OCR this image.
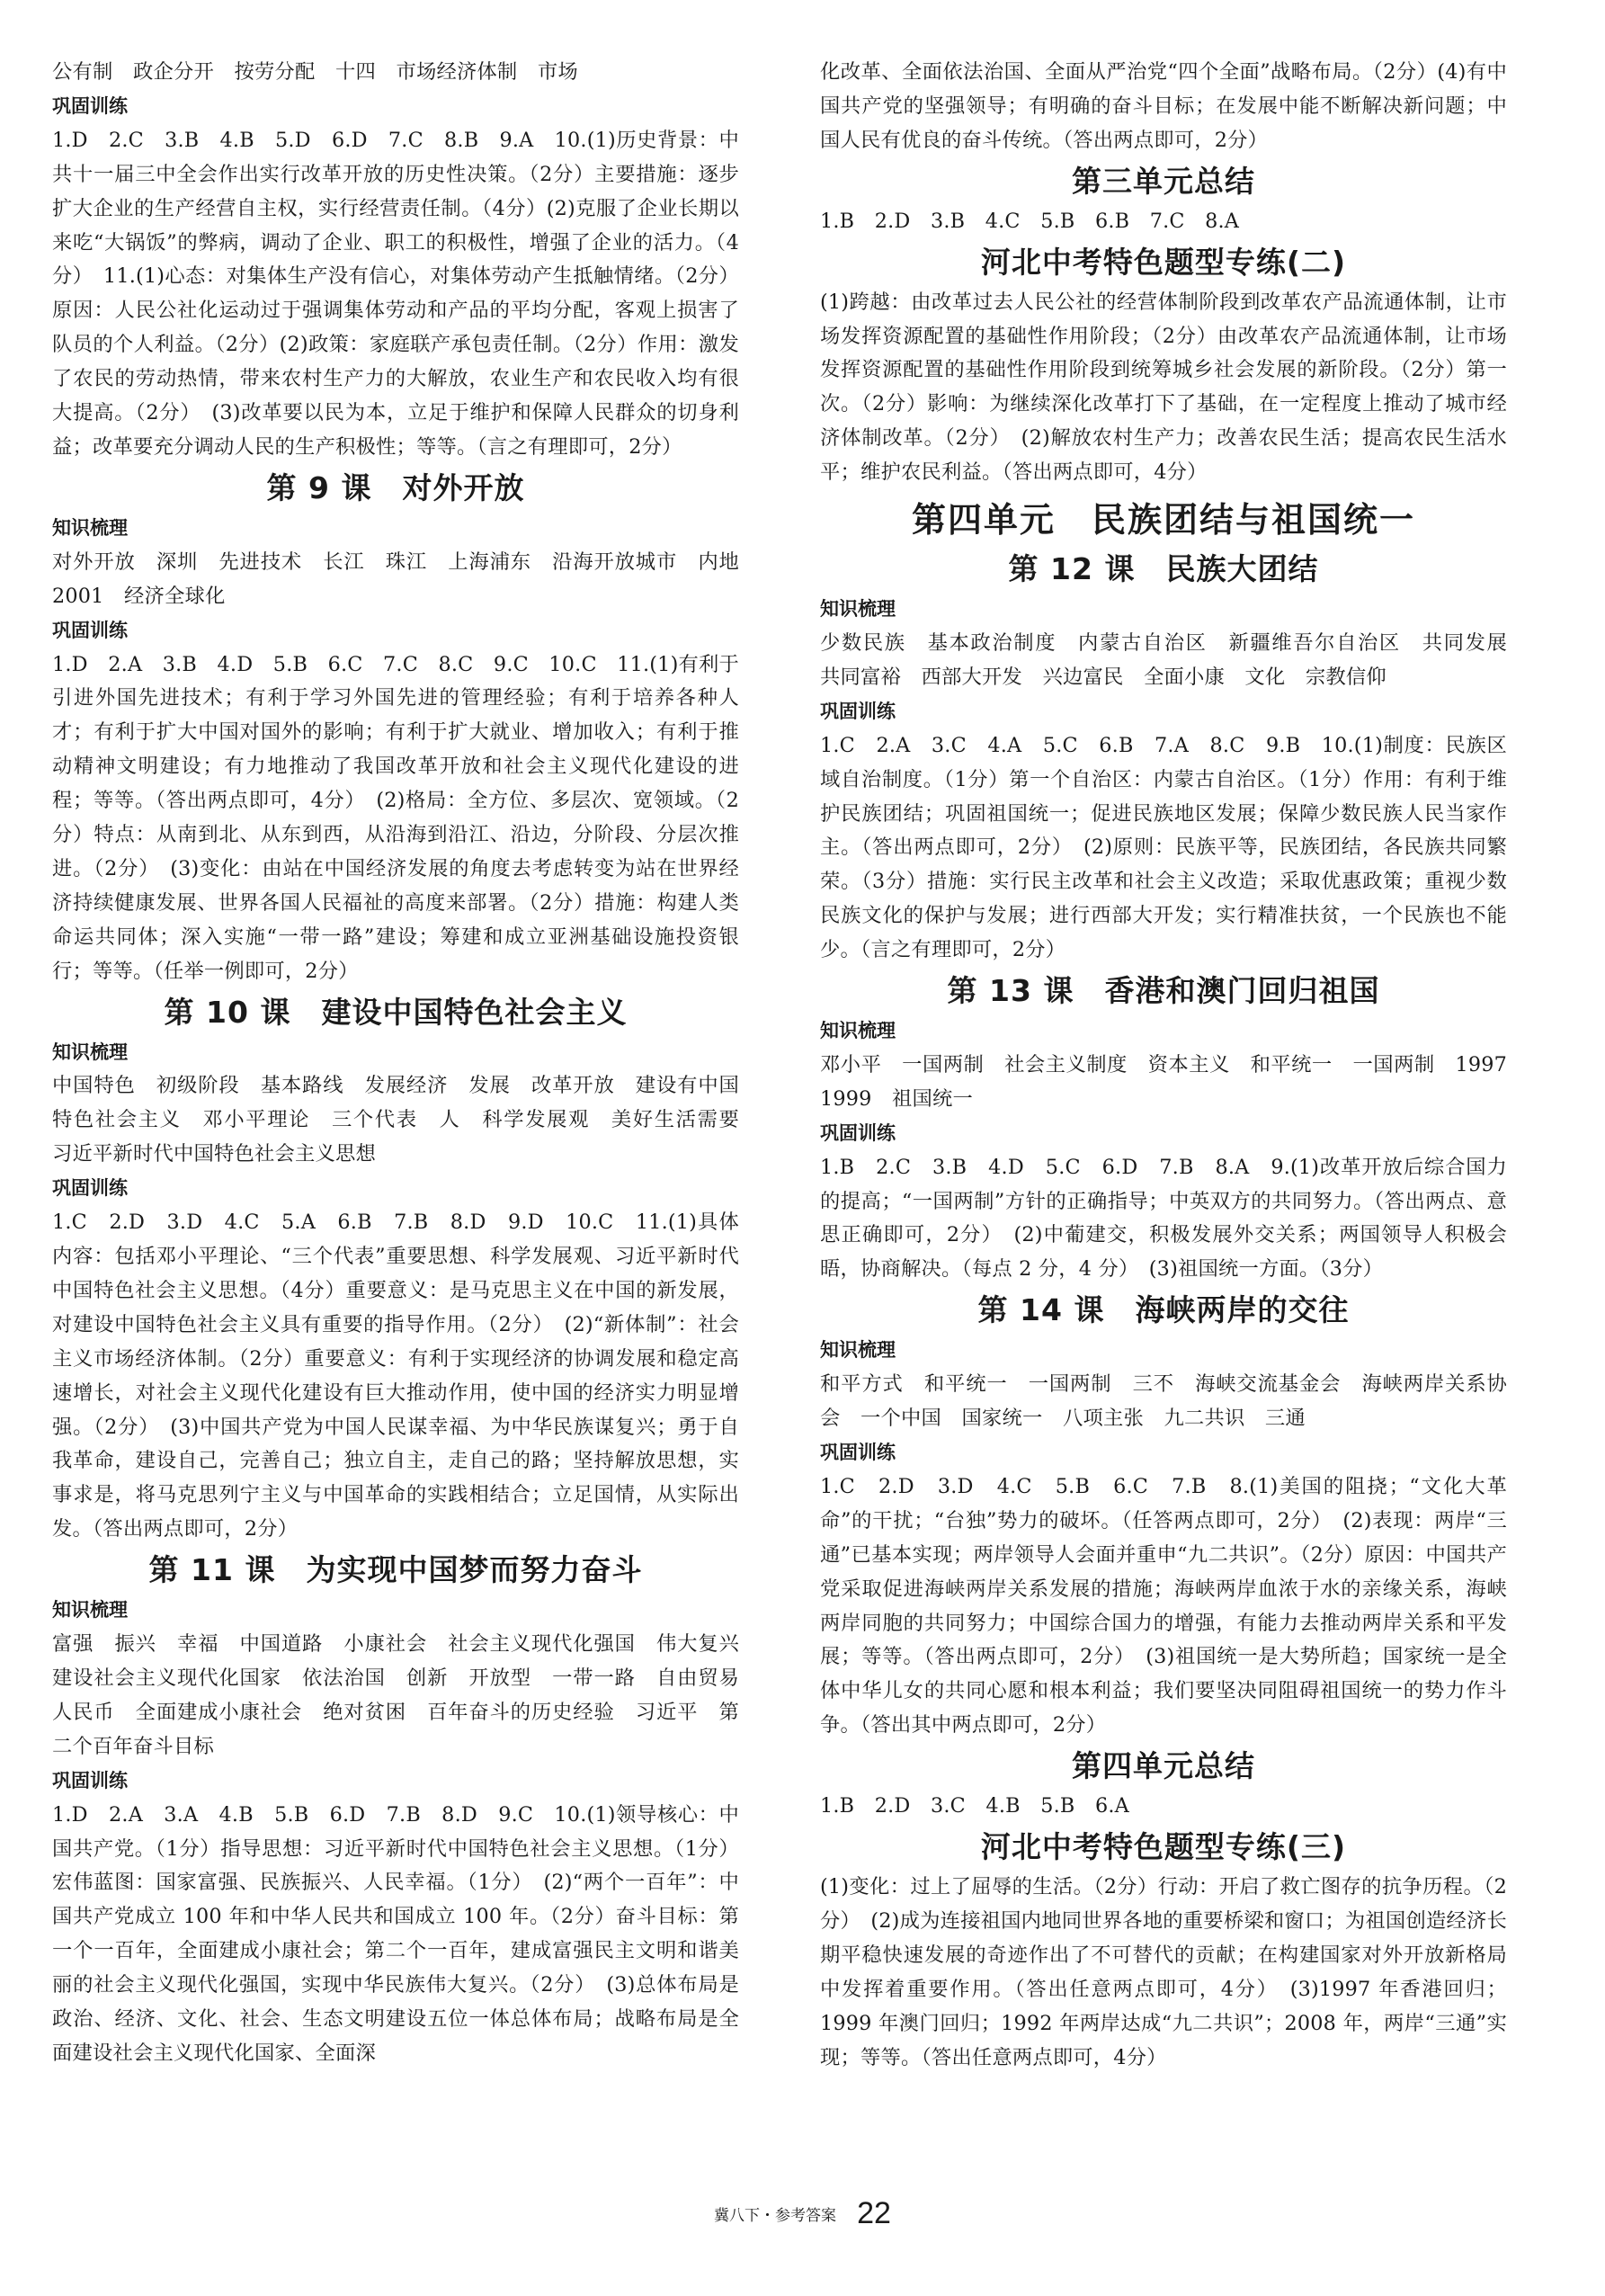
公有制　政企分开　按劳分配　十四　市场经济体制　市场

巩固训练

1.D　2.C　3.B　4.B　5.D　6.D　7.C　8.B　9.A　10.(1)历史背景：中共十一届三中全会作出实行改革开放的历史性决策。（2分）主要措施：逐步扩大企业的生产经营自主权，实行经营责任制。（4分）(2)克服了企业长期以来吃“大锅饭”的弊病，调动了企业、职工的积极性，增强了企业的活力。（4分）　11.(1)心态：对集体生产没有信心，对集体劳动产生抵触情绪。（2分）原因：人民公社化运动过于强调集体劳动和产品的平均分配，客观上损害了队员的个人利益。（2分）(2)政策：家庭联产承包责任制。（2分）作用：激发了农民的劳动热情，带来农村生产力的大解放，农业生产和农民收入均有很大提高。（2分）　(3)改革要以民为本，立足于维护和保障人民群众的切身利益；改革要充分调动人民的生产积极性；等等。（言之有理即可，2分）

第 9 课　对外开放

知识梳理

对外开放　深圳　先进技术　长江　珠江　上海浦东　沿海开放城市　内地　2001　经济全球化

巩固训练

1.D　2.A　3.B　4.D　5.B　6.C　7.C　8.C　9.C　10.C　11.(1)有利于引进外国先进技术；有利于学习外国先进的管理经验；有利于培养各种人才；有利于扩大中国对国外的影响；有利于扩大就业、增加收入；有利于推动精神文明建设；有力地推动了我国改革开放和社会主义现代化建设的进程；等等。（答出两点即可，4分）　(2)格局：全方位、多层次、宽领域。（2分）特点：从南到北、从东到西，从沿海到沿江、沿边，分阶段、分层次推进。（2分）　(3)变化：由站在中国经济发展的角度去考虑转变为站在世界经济持续健康发展、世界各国人民福祉的高度来部署。（2分）措施：构建人类命运共同体；深入实施“一带一路”建设；筹建和成立亚洲基础设施投资银行；等等。（任举一例即可，2分）

第 10 课　建设中国特色社会主义

知识梳理

中国特色　初级阶段　基本路线　发展经济　发展　改革开放　建设有中国特色社会主义　邓小平理论　三个代表　人　科学发展观　美好生活需要　习近平新时代中国特色社会主义思想

巩固训练

1.C　2.D　3.D　4.C　5.A　6.B　7.B　8.D　9.D　10.C　11.(1)具体内容：包括邓小平理论、“三个代表”重要思想、科学发展观、习近平新时代中国特色社会主义思想。（4分）重要意义：是马克思主义在中国的新发展，对建设中国特色社会主义具有重要的指导作用。（2分）　(2)“新体制”：社会主义市场经济体制。（2分）重要意义：有利于实现经济的协调发展和稳定高速增长，对社会主义现代化建设有巨大推动作用，使中国的经济实力明显增强。（2分）　(3)中国共产党为中国人民谋幸福、为中华民族谋复兴；勇于自我革命，建设自己，完善自己；独立自主，走自己的路；坚持解放思想，实事求是，将马克思列宁主义与中国革命的实践相结合；立足国情，从实际出发。（答出两点即可，2分）

第 11 课　为实现中国梦而努力奋斗

知识梳理

富强　振兴　幸福　中国道路　小康社会　社会主义现代化强国　伟大复兴　建设社会主义现代化国家　依法治国　创新　开放型　一带一路　自由贸易　人民币　全面建成小康社会　绝对贫困　百年奋斗的历史经验　习近平　第二个百年奋斗目标

巩固训练

1.D　2.A　3.A　4.B　5.B　6.D　7.B　8.D　9.C　10.(1)领导核心：中国共产党。（1分）指导思想：习近平新时代中国特色社会主义思想。（1分）宏伟蓝图：国家富强、民族振兴、人民幸福。（1分）　(2)“两个一百年”：中国共产党成立 100 年和中华人民共和国成立 100 年。（2分）奋斗目标：第一个一百年，全面建成小康社会；第二个一百年，建成富强民主文明和谐美丽的社会主义现代化强国，实现中华民族伟大复兴。（2分）　(3)总体布局是政治、经济、文化、社会、生态文明建设五位一体总体布局；战略布局是全面建设社会主义现代化国家、全面深

化改革、全面依法治国、全面从严治党“四个全面”战略布局。（2分）(4)有中国共产党的坚强领导；有明确的奋斗目标；在发展中能不断解决新问题；中国人民有优良的奋斗传统。（答出两点即可，2分）

第三单元总结

1.B　2.D　3.B　4.C　5.B　6.B　7.C　8.A

河北中考特色题型专练(二)

(1)跨越：由改革过去人民公社的经营体制阶段到改革农产品流通体制，让市场发挥资源配置的基础性作用阶段；（2分）由改革农产品流通体制，让市场发挥资源配置的基础性作用阶段到统筹城乡社会发展的新阶段。（2分）第一次。（2分）影响：为继续深化改革打下了基础，在一定程度上推动了城市经济体制改革。（2分）　(2)解放农村生产力；改善农民生活；提高农民生活水平；维护农民利益。（答出两点即可，4分）

第四单元　民族团结与祖国统一
第 12 课　民族大团结

知识梳理

少数民族　基本政治制度　内蒙古自治区　新疆维吾尔自治区　共同发展　共同富裕　西部大开发　兴边富民　全面小康　文化　宗教信仰

巩固训练

1.C　2.A　3.C　4.A　5.C　6.B　7.A　8.C　9.B　10.(1)制度：民族区域自治制度。（1分）第一个自治区：内蒙古自治区。（1分）作用：有利于维护民族团结；巩固祖国统一；促进民族地区发展；保障少数民族人民当家作主。（答出两点即可，2分）　(2)原则：民族平等，民族团结，各民族共同繁荣。（3分）措施：实行民主改革和社会主义改造；采取优惠政策；重视少数民族文化的保护与发展；进行西部大开发；实行精准扶贫，一个民族也不能少。（言之有理即可，2分）

第 13 课　香港和澳门回归祖国

知识梳理

邓小平　一国两制　社会主义制度　资本主义　和平统一　一国两制　1997　1999　祖国统一

巩固训练

1.B　2.C　3.B　4.D　5.C　6.D　7.B　8.A　9.(1)改革开放后综合国力的提高；“一国两制”方针的正确指导；中英双方的共同努力。（答出两点、意思正确即可，2分）　(2)中葡建交，积极发展外交关系；两国领导人积极会晤，协商解决。（每点 2 分，4 分）　(3)祖国统一方面。（3分）

第 14 课　海峡两岸的交往

知识梳理

和平方式　和平统一　一国两制　三不　海峡交流基金会　海峡两岸关系协会　一个中国　国家统一　八项主张　九二共识　三通

巩固训练

1.C　2.D　3.D　4.C　5.B　6.C　7.B　8.(1)美国的阻挠；“文化大革命”的干扰；“台独”势力的破坏。（任答两点即可，2分）　(2)表现：两岸“三通”已基本实现；两岸领导人会面并重申“九二共识”。（2分）原因：中国共产党采取促进海峡两岸关系发展的措施；海峡两岸血浓于水的亲缘关系，海峡两岸同胞的共同努力；中国综合国力的增强，有能力去推动两岸关系和平发展；等等。（答出两点即可，2分）　(3)祖国统一是大势所趋；国家统一是全体中华儿女的共同心愿和根本利益；我们要坚决同阻碍祖国统一的势力作斗争。（答出其中两点即可，2分）

第四单元总结

1.B　2.D　3.C　4.B　5.B　6.A

河北中考特色题型专练(三)

(1)变化：过上了屈辱的生活。（2分）行动：开启了救亡图存的抗争历程。（2分）　(2)成为连接祖国内地同世界各地的重要桥梁和窗口；为祖国创造经济长期平稳快速发展的奇迹作出了不可替代的贡献；在构建国家对外开放新格局中发挥着重要作用。（答出任意两点即可，4分）　(3)1997 年香港回归；1999 年澳门回归；1992 年两岸达成“九二共识”；2008 年，两岸“三通”实现；等等。（答出任意两点即可，4分）

冀八下・参考答案 22
